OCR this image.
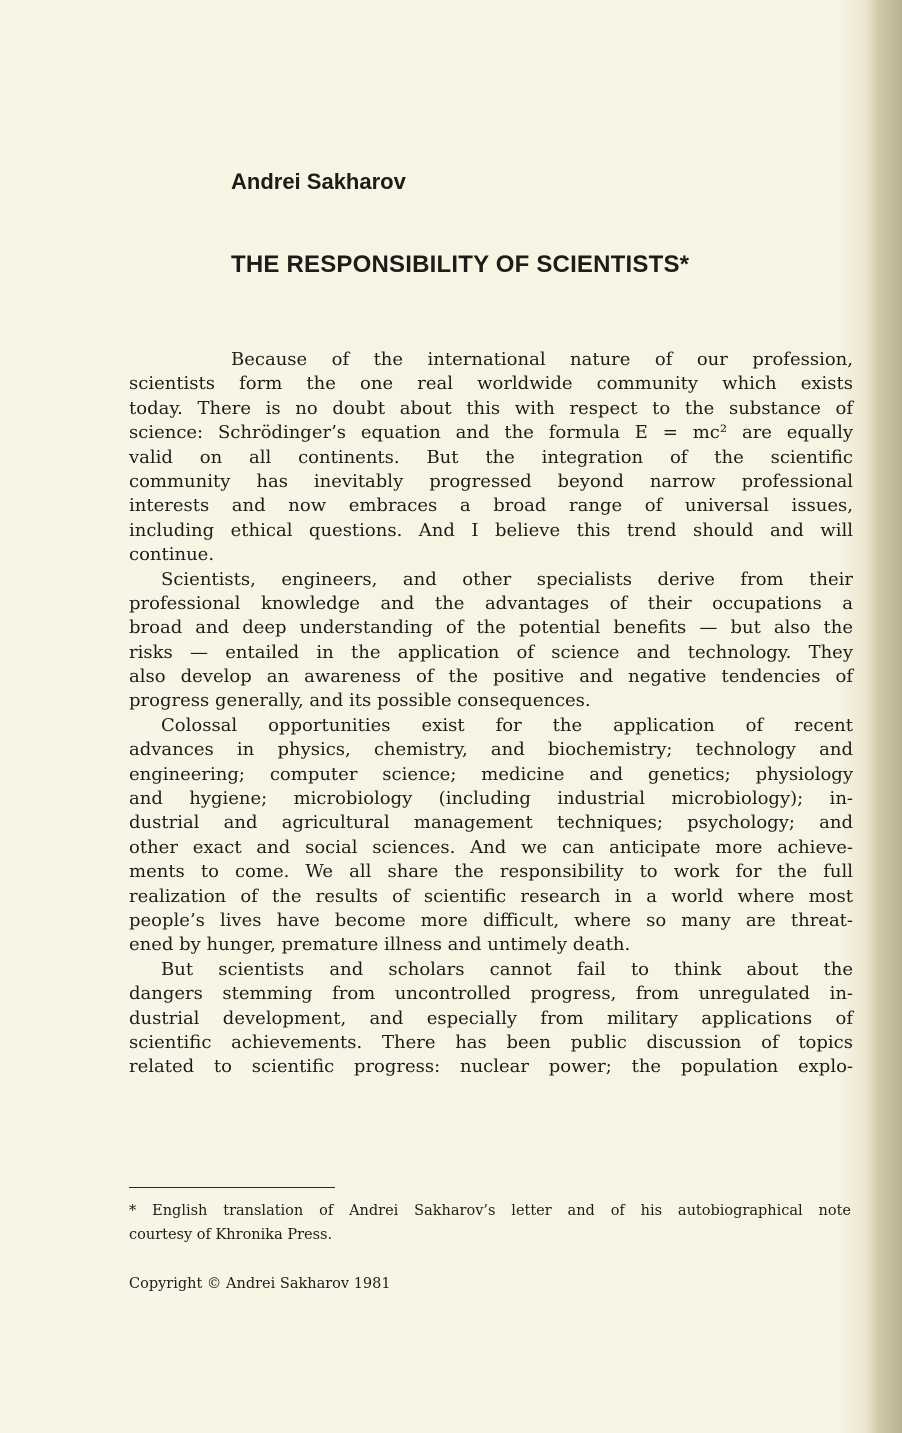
Andrei Sakharov
THE RESPONSIBILITY OF SCIENTISTS*
Because of the international nature of our profession,
scientists form the one real worldwide community which exists
today. There is no doubt about this with respect to the substance of
science: Schrödinger’s equation and the formula E = mc² are equally
valid on all continents. But the integration of the scientific
community has inevitably progressed beyond narrow professional
interests and now embraces a broad range of universal issues,
including ethical questions. And I believe this trend should and will
continue.
Scientists, engineers, and other specialists derive from their
professional knowledge and the advantages of their occupations a
broad and deep understanding of the potential benefits — but also the
risks — entailed in the application of science and technology. They
also develop an awareness of the positive and negative tendencies of
progress generally, and its possible consequences.
Colossal opportunities exist for the application of recent
advances in physics, chemistry, and biochemistry; technology and
engineering; computer science; medicine and genetics; physiology
and hygiene; microbiology (including industrial microbiology); in-
dustrial and agricultural management techniques; psychology; and
other exact and social sciences. And we can anticipate more achieve-
ments to come. We all share the responsibility to work for the full
realization of the results of scientific research in a world where most
people’s lives have become more difficult, where so many are threat-
ened by hunger, premature illness and untimely death.
But scientists and scholars cannot fail to think about the
dangers stemming from uncontrolled progress, from unregulated in-
dustrial development, and especially from military applications of
scientific achievements. There has been public discussion of topics
related to scientific progress: nuclear power; the population explo-
* English translation of Andrei Sakharov’s letter and of his autobiographical note
courtesy of Khronika Press.
Copyright © Andrei Sakharov 1981
